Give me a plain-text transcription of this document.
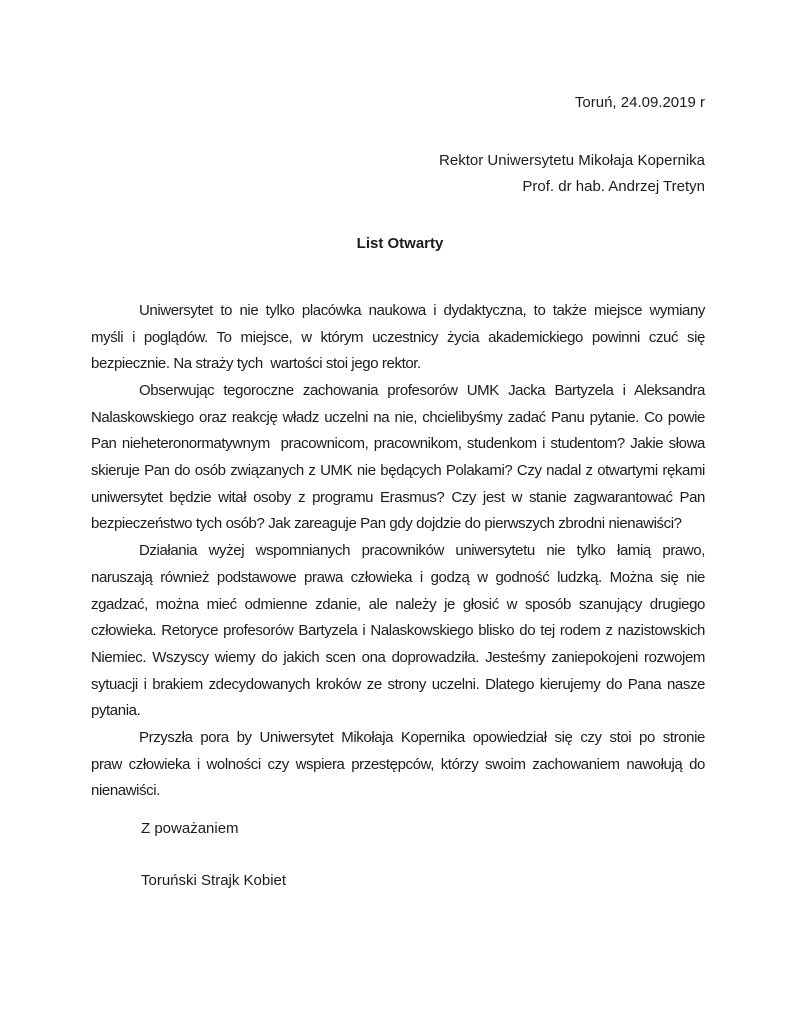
Toruń, 24.09.2019 r
Rektor Uniwersytetu Mikołaja Kopernika
Prof. dr hab. Andrzej Tretyn
List Otwarty
Uniwersytet to nie tylko placówka naukowa i dydaktyczna, to także miejsce wymiany
myśli i poglądów. To miejsce, w którym uczestnicy życia akademickiego powinni czuć się
bezpiecznie. Na straży tych  wartości stoi jego rektor.
Obserwując tegoroczne zachowania profesorów UMK Jacka Bartyzela i Aleksandra
Nalaskowskiego oraz reakcję władz uczelni na nie, chcielibyśmy zadać Panu pytanie. Co powie
Pan nieheteronormatywnym  pracownicom, pracownikom, studenkom i studentom? Jakie słowa
skieruje Pan do osób związanych z UMK nie będących Polakami? Czy nadal z otwartymi rękami
uniwersytet będzie witał osoby z programu Erasmus? Czy jest w stanie zagwarantować Pan
bezpieczeństwo tych osób? Jak zareaguje Pan gdy dojdzie do pierwszych zbrodni nienawiści?
Działania wyżej wspomnianych pracowników uniwersytetu nie tylko łamią prawo,
naruszają również podstawowe prawa człowieka i godzą w godność ludzką. Można się nie
zgadzać, można mieć odmienne zdanie, ale należy je głosić w sposób szanujący drugiego
człowieka. Retoryce profesorów Bartyzela i Nalaskowskiego blisko do tej rodem z nazistowskich
Niemiec. Wszyscy wiemy do jakich scen ona doprowadziła. Jesteśmy zaniepokojeni rozwojem
sytuacji i brakiem zdecydowanych kroków ze strony uczelni. Dlatego kierujemy do Pana nasze
pytania.
Przyszła pora by Uniwersytet Mikołaja Kopernika opowiedział się czy stoi po stronie
praw człowieka i wolności czy wspiera przestępców, którzy swoim zachowaniem nawołują do
nienawiści.
Z poważaniem
Toruński Strajk Kobiet
